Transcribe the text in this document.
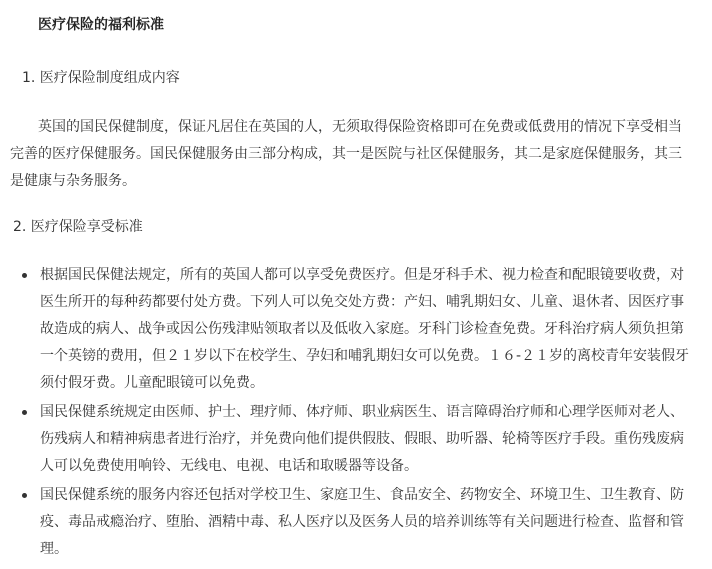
医疗保险的福利标准
1. 医疗保险制度组成内容
英国的国民保健制度，保证凡居住在英国的人，无须取得保险资格即可在免费或低费用的情况下享受相当完善的医疗保健服务。国民保健服务由三部分构成，其一是医院与社区保健服务，其二是家庭保健服务，其三是健康与杂务服务。
2. 医疗保险享受标准
根据国民保健法规定，所有的英国人都可以享受免费医疗。但是牙科手术、视力检查和配眼镜要收费，对医生所开的每种药都要付处方费。下列人可以免交处方费：产妇、哺乳期妇女、儿童、退休者、因医疗事故造成的病人、战争或因公伤残津贴领取者以及低收入家庭。牙科门诊检查免费。牙科治疗病人须负担第一个英镑的费用，但２１岁以下在校学生、孕妇和哺乳期妇女可以免费。１６-２１岁的离校青年安装假牙须付假牙费。儿童配眼镜可以免费。
国民保健系统规定由医师、护士、理疗师、体疗师、职业病医生、语言障碍治疗师和心理学医师对老人、伤残病人和精神病患者进行治疗，并免费向他们提供假肢、假眼、助听器、轮椅等医疗手段。重伤残废病人可以免费使用响铃、无线电、电视、电话和取暖器等设备。
国民保健系统的服务内容还包括对学校卫生、家庭卫生、食品安全、药物安全、环境卫生、卫生教育、防疫、毒品戒瘾治疗、堕胎、酒精中毒、私人医疗以及医务人员的培养训练等有关问题进行检查、监督和管理。
